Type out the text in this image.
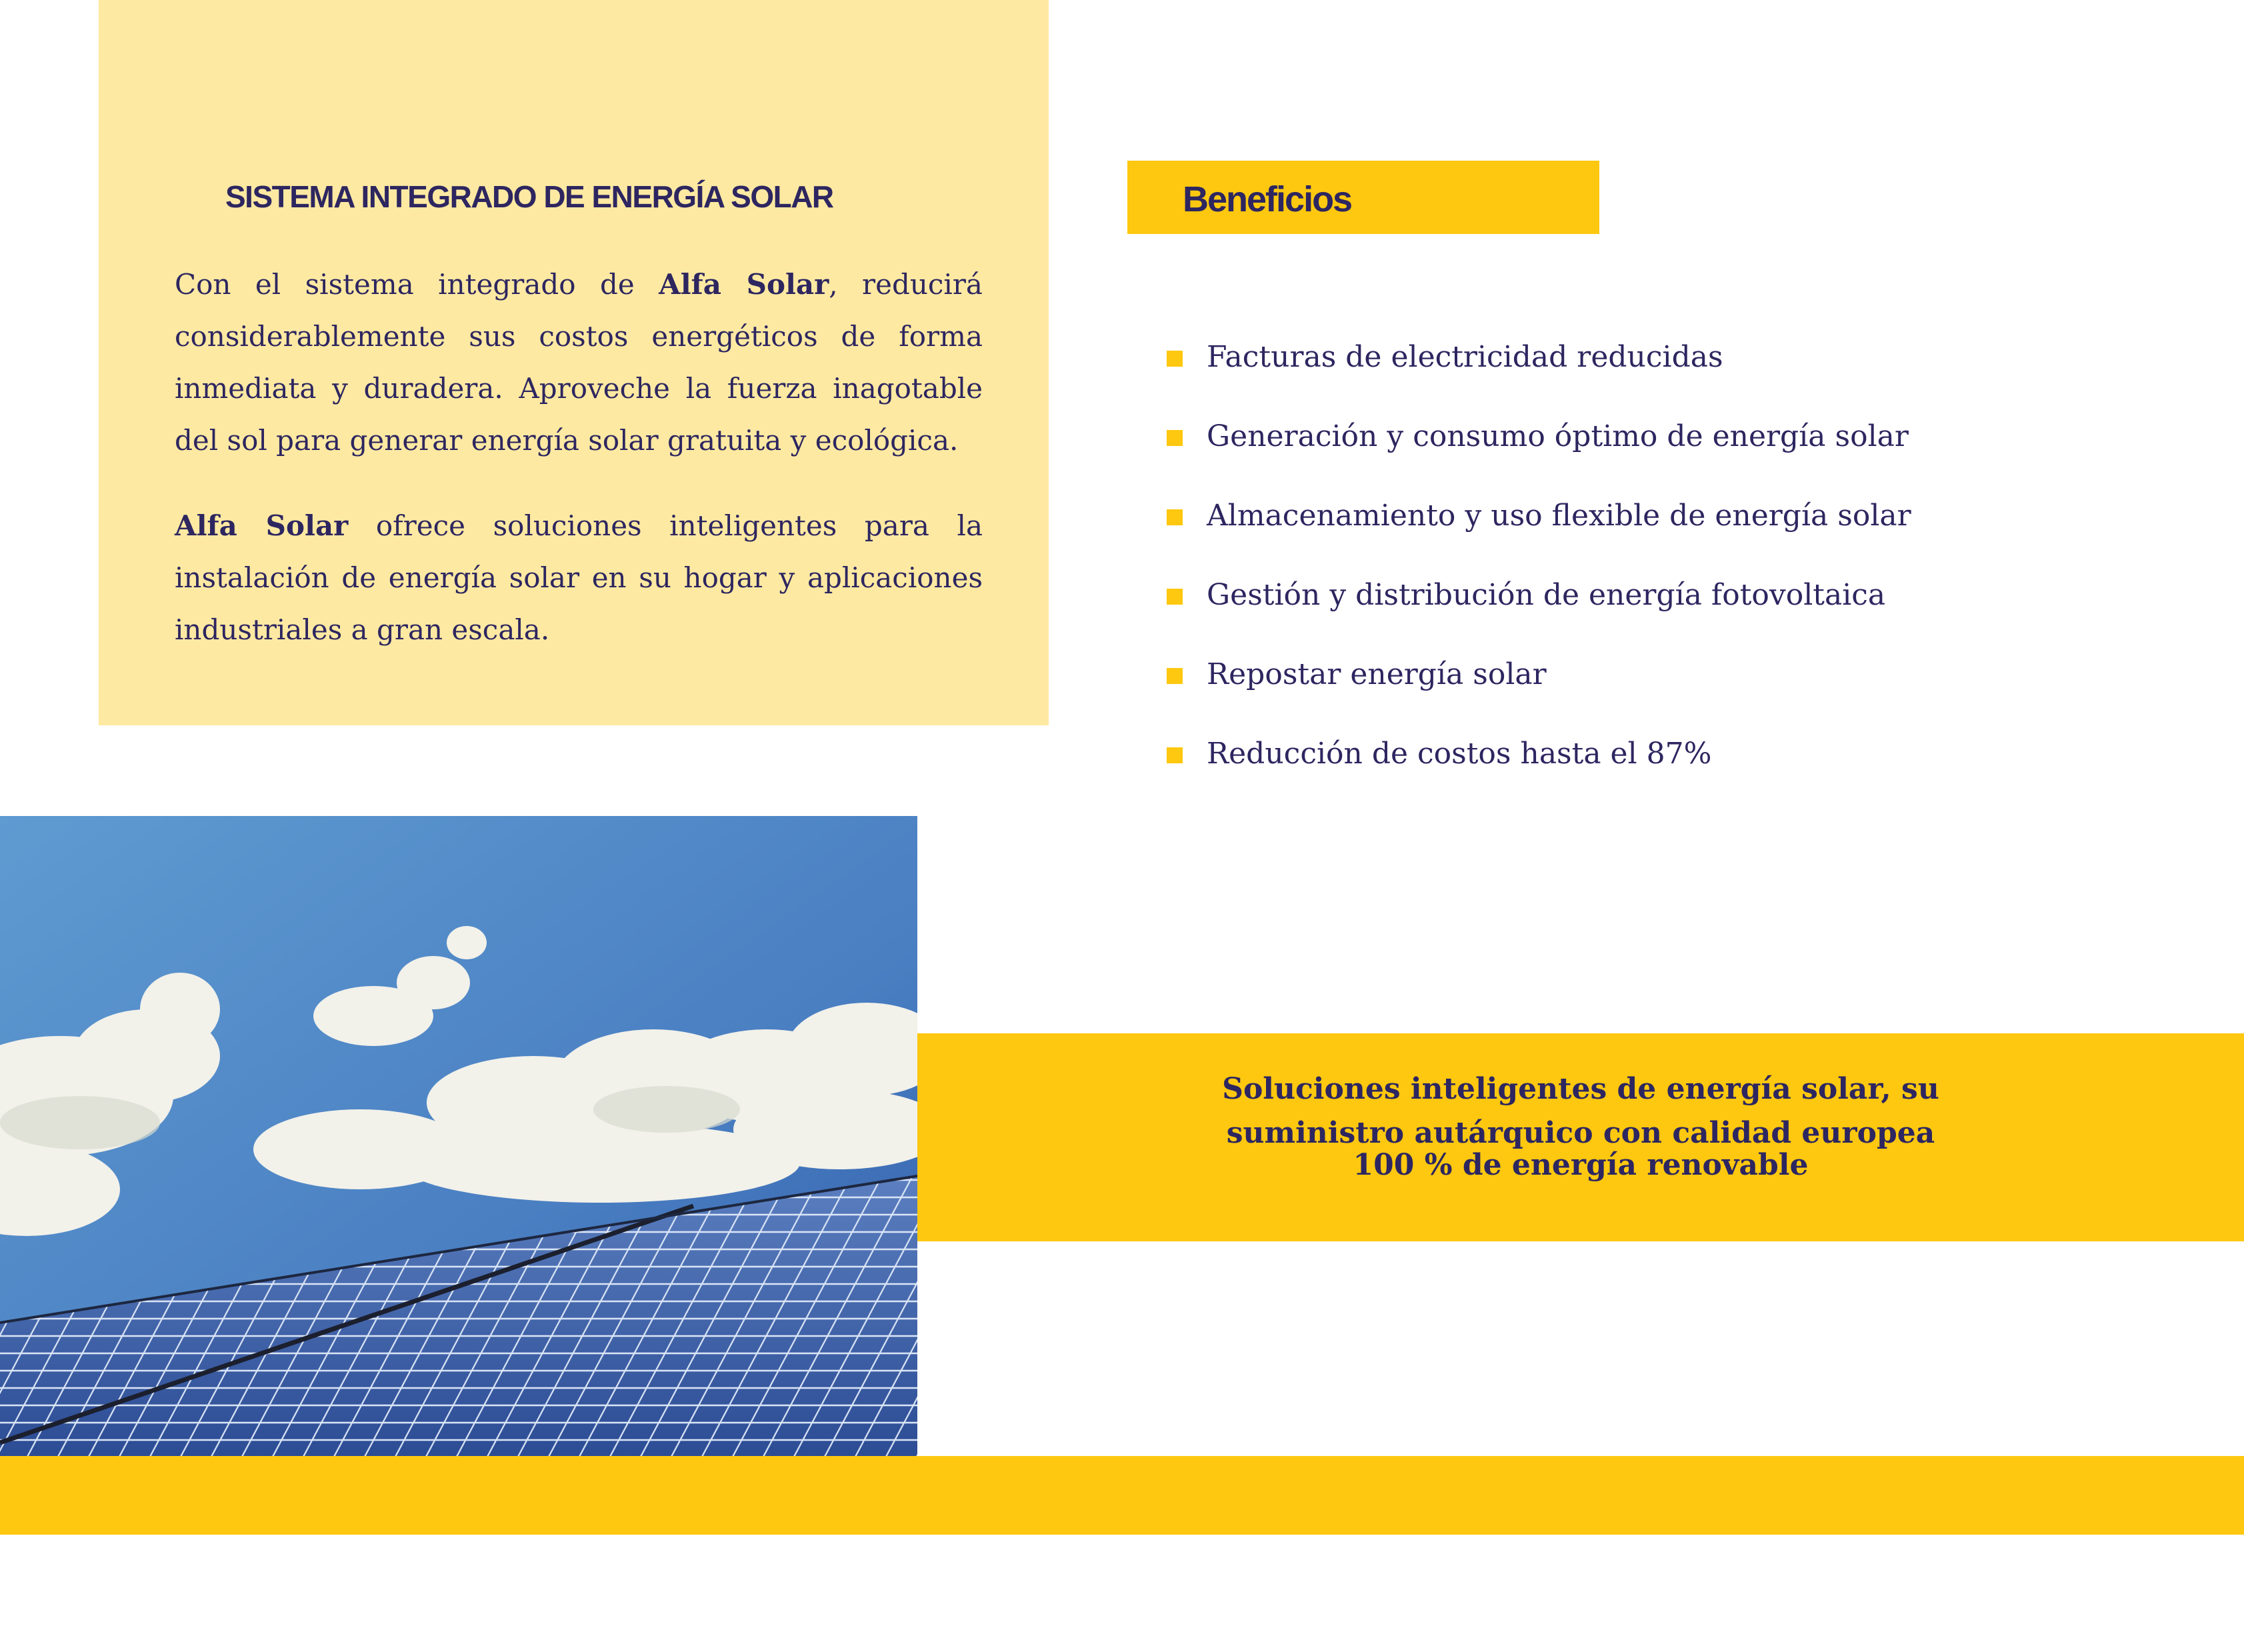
SISTEMA INTEGRADO DE ENERGÍA SOLAR

Con el sistema integrado de Alfa Solar, reducirá considerablemente sus costos energéticos de forma inmediata y duradera. Aproveche la fuerza inagotable del sol para generar energía solar gratuita y ecológica.

Alfa Solar ofrece soluciones inteligentes para la instalación de energía solar en su hogar y aplicaciones industriales a gran escala.

Beneficios
Facturas de electricidad reducidas
Generación y consumo óptimo de energía solar
Almacenamiento y uso flexible de energía solar
Gestión y distribución de energía fotovoltaica
Repostar energía solar
Reducción de costos hasta el 87%
Soluciones inteligentes de energía solar, su
suministro autárquico con calidad europea
100 % de energía renovable
